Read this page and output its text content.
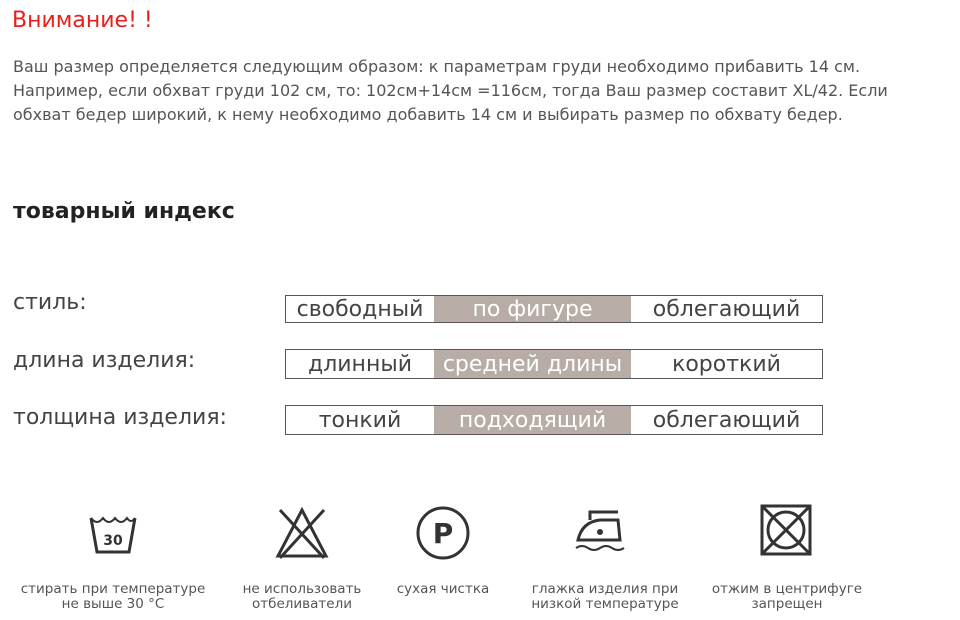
Внимание! !
Ваш размер определяется следующим образом: к параметрам груди необходимо прибавить 14 см. Например, если обхват груди 102 см, то: 102см+14см =116см, тогда Ваш размер составит XL/42. Если обхват бедер широкий, к нему необходимо добавить 14 см и выбирать размер по обхвату бедер.
товарный индекс
стиль:	свободный	по фигуре	облегающий
длина изделия:	длинный	средней длины	короткий
толщина изделия:	тонкий	подходящий	облегающий
30	P
стирать при температуре
не выше 30 °C
не использовать
отбеливатели
сухая чистка	глажка изделия при
низкой температуре
отжим в центрифуге
запрещен
